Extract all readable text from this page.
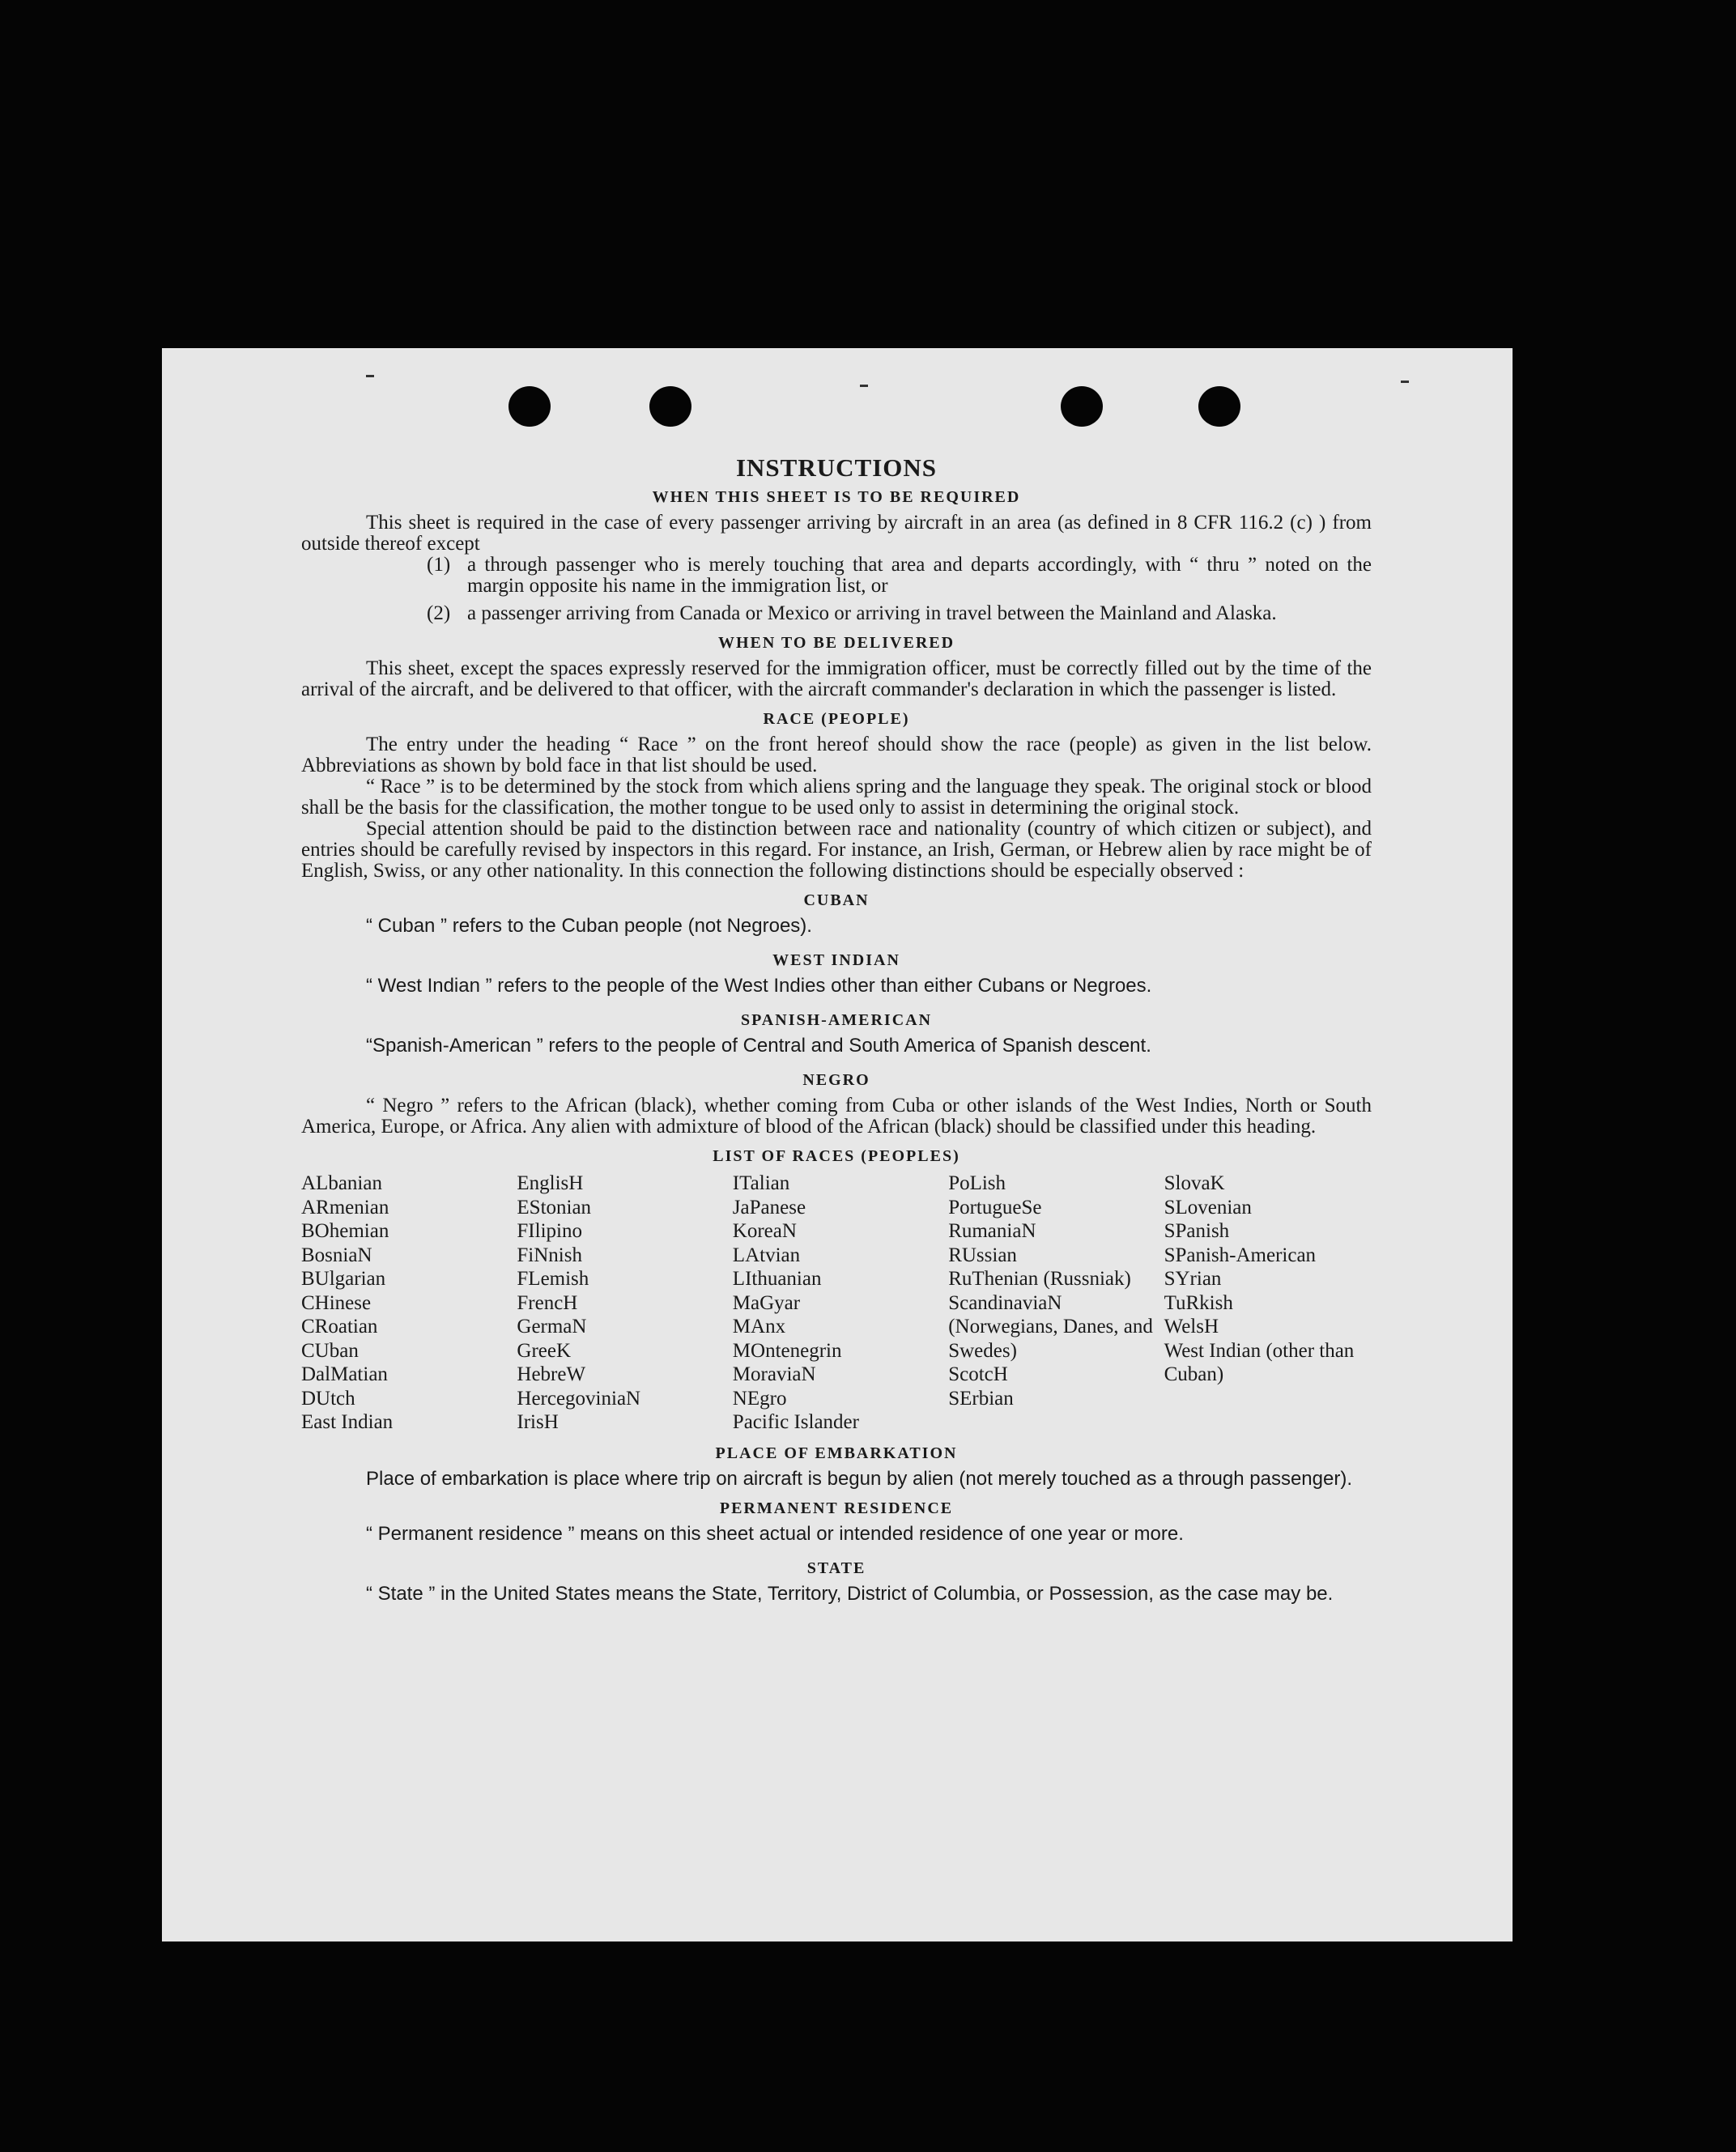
INSTRUCTIONS
WHEN THIS SHEET IS TO BE REQUIRED

This sheet is required in the case of every passenger arriving by aircraft in an area (as defined in 8 CFR 116.2 (c) ) from outside thereof except

(1) a through passenger who is merely touching that area and departs accordingly, with “ thru ” noted on the margin opposite his name in the immigration list, or
(2) a passenger arriving from Canada or Mexico or arriving in travel between the Mainland and Alaska.
WHEN TO BE DELIVERED

This sheet, except the spaces expressly reserved for the immigration officer, must be correctly filled out by the time of the arrival of the aircraft, and be delivered to that officer, with the aircraft commander's declaration in which the passenger is listed.

RACE (PEOPLE)

The entry under the heading “ Race ” on the front hereof should show the race (people) as given in the list below. Abbreviations as shown by bold face in that list should be used.

“ Race ” is to be determined by the stock from which aliens spring and the language they speak. The original stock or blood shall be the basis for the classification, the mother tongue to be used only to assist in determining the original stock.

Special attention should be paid to the distinction between race and nationality (country of which citizen or subject), and entries should be carefully revised by inspectors in this regard. For instance, an Irish, German, or Hebrew alien by race might be of English, Swiss, or any other nationality. In this connection the following distinctions should be especially observed :

CUBAN

“ Cuban ” refers to the Cuban people (not Negroes).

WEST INDIAN

“ West Indian ” refers to the people of the West Indies other than either Cubans or Negroes.

SPANISH-AMERICAN

“Spanish-American ” refers to the people of Central and South America of Spanish descent.

NEGRO

“ Negro ” refers to the African (black), whether coming from Cuba or other islands of the West Indies, North or South America, Europe, or Africa. Any alien with admixture of blood of the African (black) should be classified under this heading.

LIST OF RACES (PEOPLES)
ALbanian
ARmenian
BOhemian
BosniaN
BUlgarian
CHinese
CRoatian
CUban
DalMatian
DUtch
East Indian
EnglisH
EStonian
FIlipino
FiNnish
FLemish
FrencH
GermaN
GreeK
HebreW
HercegoviniaN
IrisH
ITalian
JaPanese
KoreaN
LAtvian
LIthuanian
MaGyar
MAnx
MOntenegrin
MoraviaN
NEgro
Pacific Islander
PoLish
PortugueSe
RumaniaN
RUssian
RuThenian (Russniak)
ScandinaviaN (Norwegians, Danes, and Swedes)
ScotcH
SErbian
SlovaK
SLovenian
SPanish
SPanish-American
SYrian
TuRkish
WelsH
West Indian (other than Cuban)
PLACE OF EMBARKATION

Place of embarkation is place where trip on aircraft is begun by alien (not merely touched as a through passenger).

PERMANENT RESIDENCE

“ Permanent residence ” means on this sheet actual or intended residence of one year or more.

STATE

“ State ” in the United States means the State, Territory, District of Columbia, or Possession, as the case may be.
